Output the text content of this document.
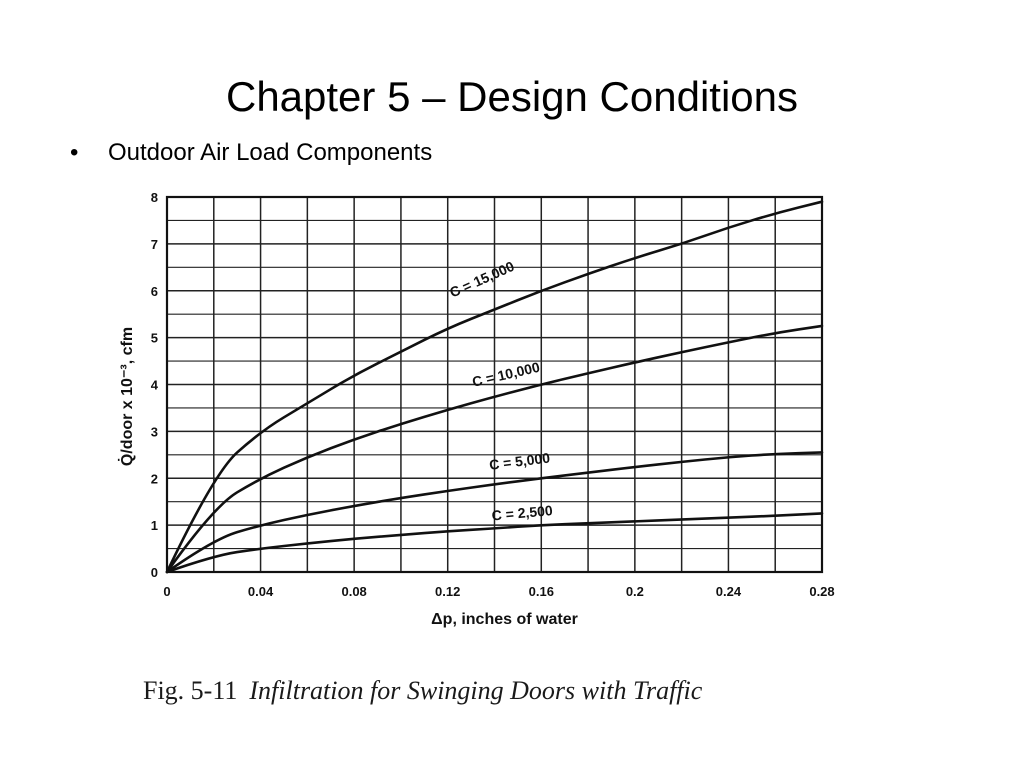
Chapter 5 – Design Conditions
• Outdoor Air Load Components
0	0.04	0.08	0.12	0.16	0.2	0.24	0.28
0
1
2
3
4
5
6
7
8
C = 15,000
C = 10,000
C = 5,000
C = 2,500
Δp, inches of water
Q̇/door x 10⁻³, cfm
Fig. 5-11 Infiltration for Swinging Doors with Traffic
